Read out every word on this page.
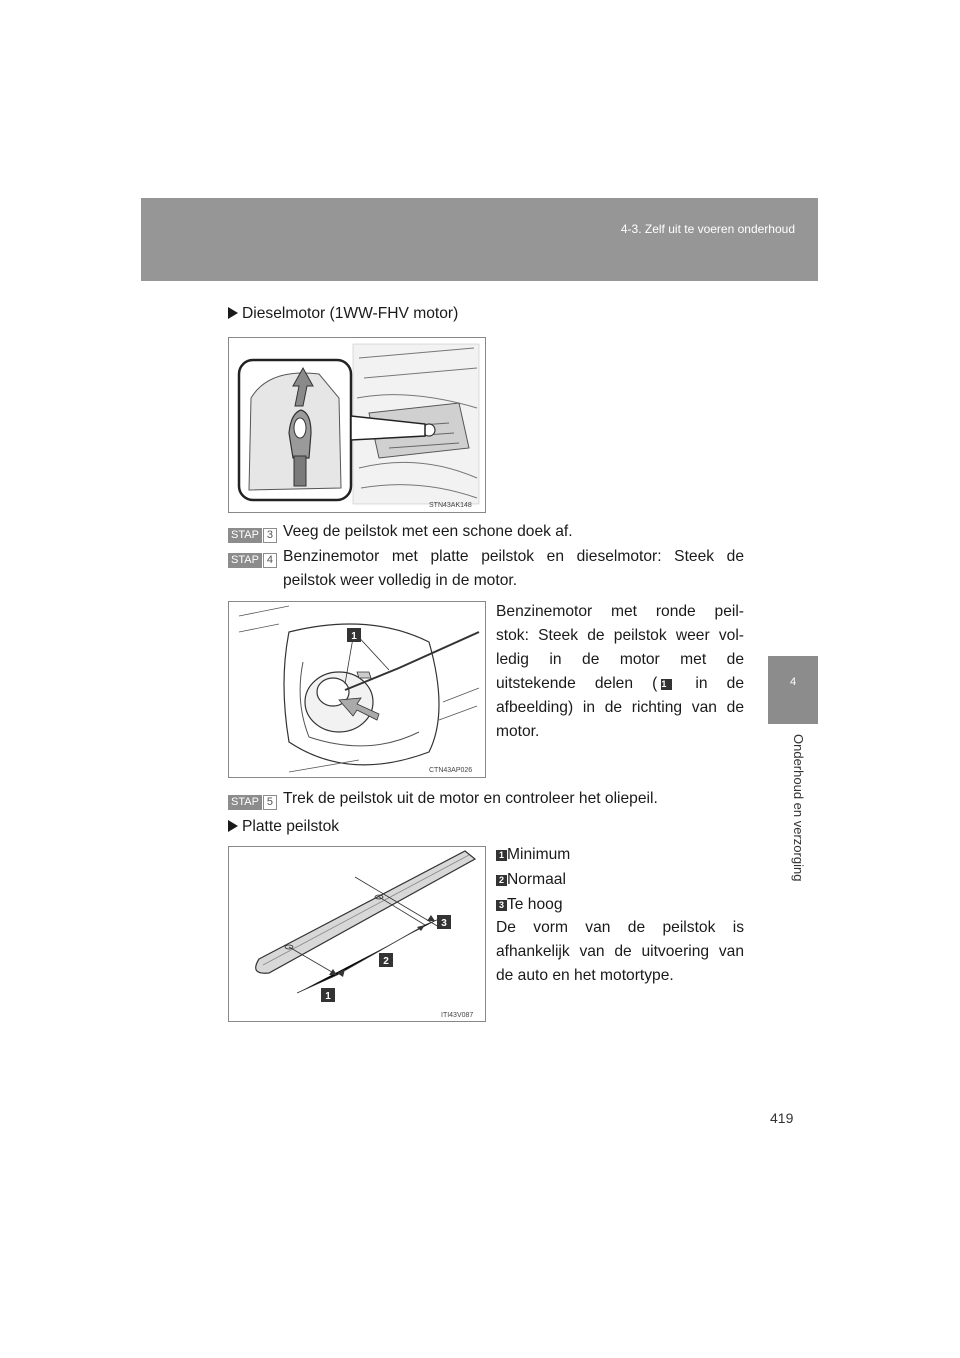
4-3. Zelf uit te voeren onderhoud
4
Onderhoud en verzorging
Dieselmotor (1WW-FHV motor)
STN43AK148
STAP 3 Veeg de peilstok met een schone doek af.
STAP 4 Benzinemotor met platte peilstok en dieselmotor: Steek de
peilstok weer volledig in de motor.
1
CTN43AP026
Benzinemotor met ronde peil-
stok: Steek de peilstok weer vol-
ledig in de motor met de
uitstekende delen ( 1 in de
afbeelding) in de richting van de
motor.
STAP 5 Trek de peilstok uit de motor en controleer het oliepeil.
Platte peilstok
1
2
3
ITI43V087
1 Minimum
2 Normaal
3 Te hoog
De vorm van de peilstok is
afhankelijk van de uitvoering van
de auto en het motortype.
419
